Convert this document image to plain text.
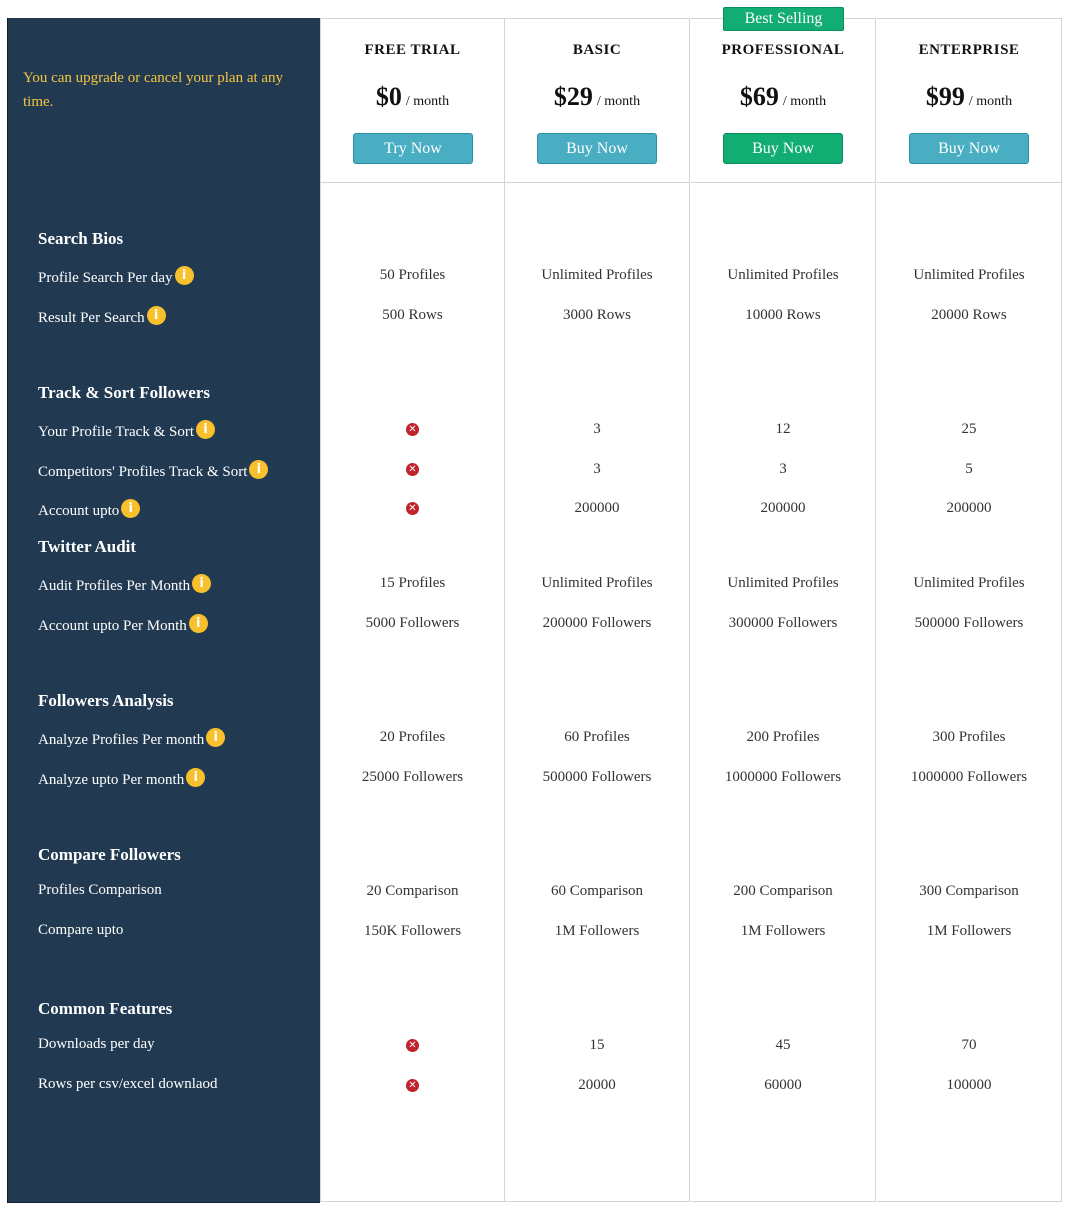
You can upgrade or cancel your plan at any time.
Search Bios
Profile Search Per day i
Result Per Search i
Track & Sort Followers
Your Profile Track & Sort i
Competitors' Profiles Track & Sort i
Account upto i
Twitter Audit
Audit Profiles Per Month i
Account upto Per Month i
Followers Analysis
Analyze Profiles Per month i
Analyze upto Per month i
Compare Followers
Profiles Comparison
Compare upto
Common Features
Downloads per day
Rows per csv/excel downlaod
Best Selling
FREE TRIAL
$0 / month
Try Now
50 Profiles
500 Rows
✕
✕
✕
15 Profiles
5000 Followers
20 Profiles
25000 Followers
20 Comparison
150K Followers
✕
✕
BASIC
$29 / month
Buy Now
Unlimited Profiles
3000 Rows
3
3
200000
Unlimited Profiles
200000 Followers
60 Profiles
500000 Followers
60 Comparison
1M Followers
15
20000
PROFESSIONAL
$69 / month
Buy Now
Unlimited Profiles
10000 Rows
12
3
200000
Unlimited Profiles
300000 Followers
200 Profiles
1000000 Followers
200 Comparison
1M Followers
45
60000
ENTERPRISE
$99 / month
Buy Now
Unlimited Profiles
20000 Rows
25
5
200000
Unlimited Profiles
500000 Followers
300 Profiles
1000000 Followers
300 Comparison
1M Followers
70
100000
